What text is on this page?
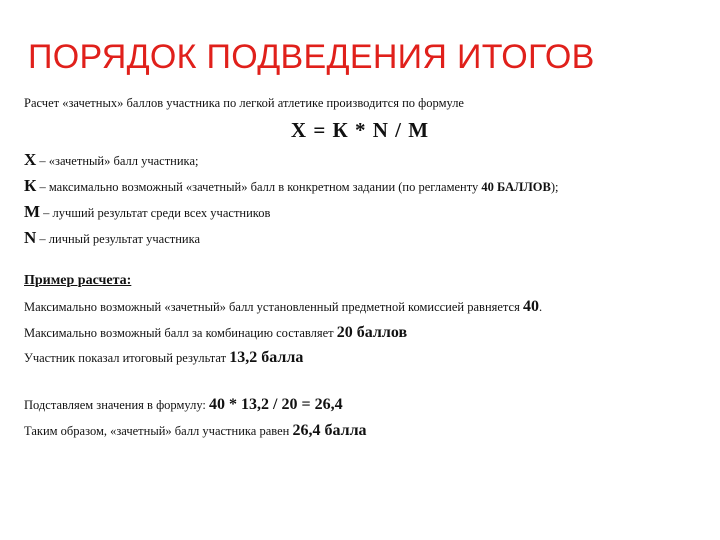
ПОРЯДОК ПОДВЕДЕНИЯ ИТОГОВ
Расчет «зачетных» баллов участника по легкой атлетике производится по формуле
Х = К * N / М
Х – «зачетный» балл участника;
К – максимально возможный «зачетный» балл в конкретном задании (по регламенту 40 БАЛЛОВ);
М – лучший результат среди всех участников
N – личный результат участника
Пример расчета:
Максимально возможный «зачетный» балл установленный предметной комиссией равняется 40.
Максимально возможный балл за комбинацию составляет 20 баллов
Участник показал итоговый результат 13,2 балла
Подставляем значения в формулу: 40 * 13,2 / 20 = 26,4
Таким образом, «зачетный» балл участника равен 26,4 балла
